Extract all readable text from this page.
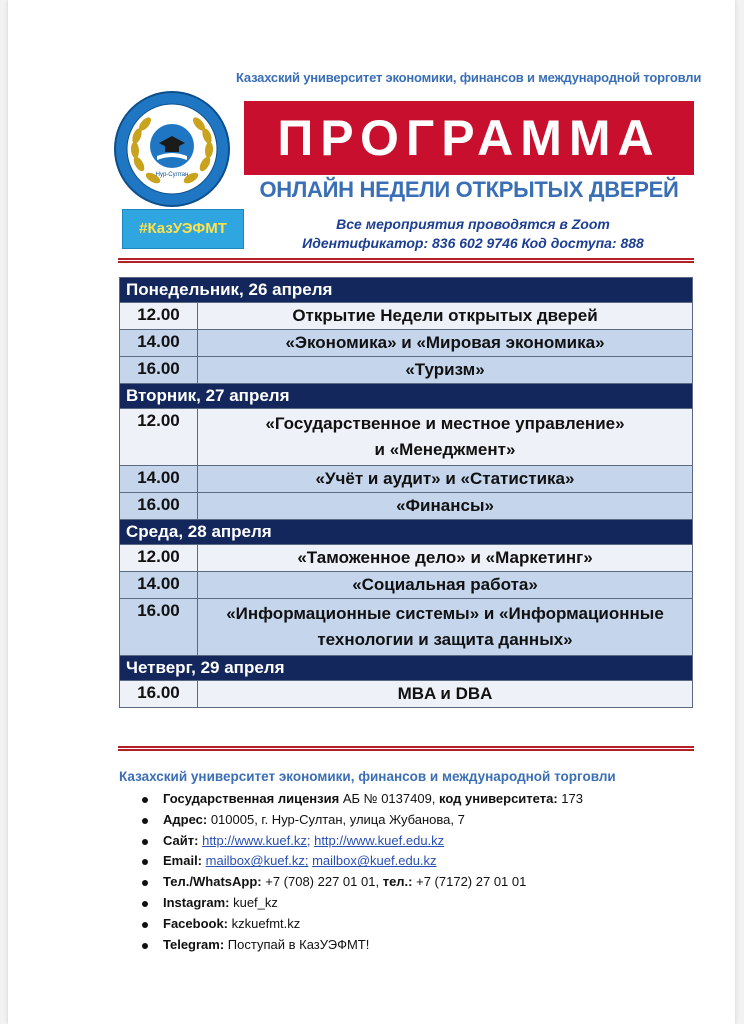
Казахский университет экономики, финансов и международной торговли
Нур-Султан
ПРОГРАММА
ОНЛАЙН НЕДЕЛИ ОТКРЫТЫХ ДВЕРЕЙ
#КазУЭФМТ	Все мероприятия проводятся в Zoom
Идентификатор: 836 602 9746 Код доступа: 888
Понедельник, 26 апреля	
12.00	Открытие Недели открытых дверей
14.00	«Экономика» и «Мировая экономика»
16.00	«Туризм»
Вторник, 27 апреля	
12.00	«Государственное и местное управление» и «Менеджмент»
14.00	«Учёт и аудит» и «Статистика»
16.00	«Финансы»
Среда, 28 апреля	
12.00	«Таможенное дело» и «Маркетинг»
14.00	«Социальная работа»
16.00	«Информационные системы» и «Информационные технологии и защита данных»
Четверг, 29 апреля	
16.00	MBA и DBA
Казахский университет экономики, финансов и международной торговли
Государственная лицензия АБ № 0137409, код университета: 173
Адрес: 010005, г. Нур-Султан, улица Жубанова, 7
Сайт: http://www.kuef.kz; http://www.kuef.edu.kz
Email: mailbox@kuef.kz; mailbox@kuef.edu.kz
Тел./WhatsApp: +7 (708) 227 01 01, тел.: +7 (7172) 27 01 01
Instagram: kuef_kz
Facebook: kzkuefmt.kz
Telegram: Поступай в КазУЭФМТ!
